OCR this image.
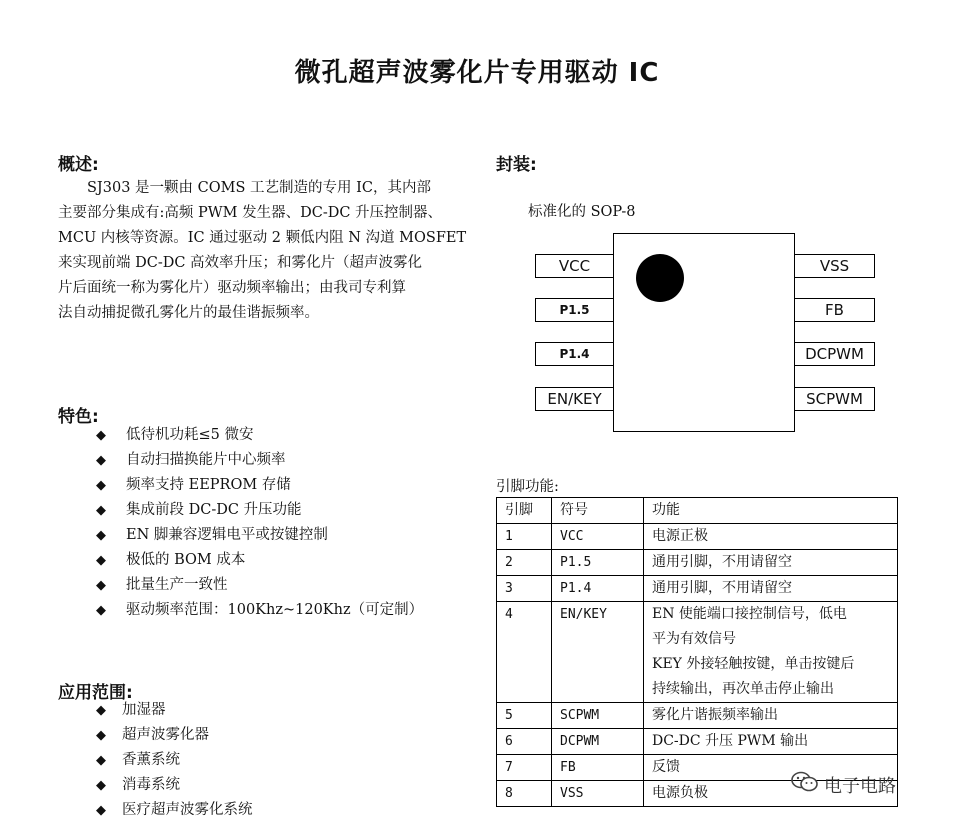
微孔超声波雾化片专用驱动 IC
概述:

SJ303 是一颗由 COMS 工艺制造的专用 IC，其内部

主要部分集成有:高频 PWM 发生器、DC-DC 升压控制器、

MCU 内核等资源。IC 通过驱动 2 颗低内阻 N 沟道 MOSFET

来实现前端 DC-DC 高效率升压；和雾化片（超声波雾化

片后面统一称为雾化片）驱动频率输出；由我司专利算

法自动捕捉微孔雾化片的最佳谐振频率。

特色:
◆ 低待机功耗≤5 微安
◆ 自动扫描换能片中心频率
◆ 频率支持 EEPROM 存储
◆ 集成前段 DC-DC 升压功能
◆ EN 脚兼容逻辑电平或按键控制
◆ 极低的 BOM 成本
◆ 批量生产一致性
◆ 驱动频率范围：100Khz~120Khz（可定制）
应用范围:
◆ 加湿器
◆ 超声波雾化器
◆ 香薰系统
◆ 消毒系统
◆ 医疗超声波雾化系统
封装:
标准化的 SOP-8
VCC
P1.5
P1.4
EN/KEY
VSS
FB
DCPWM
SCPWM
引脚功能:
引脚	符号	功能
1	VCC	电源正极

2	P1.5	通用引脚，不用请留空

3	P1.4	通用引脚，不用请留空

4	EN/KEY	EN 使能端口接控制信号，低电
平为有效信号
KEY 外接轻触按键，单击按键后
持续输出，再次单击停止输出

5	SCPWM	雾化片谐振频率输出

6	DCPWM	DC-DC 升压 PWM 输出

7	FB	反馈

8	VSS	电源负极	电子电路
